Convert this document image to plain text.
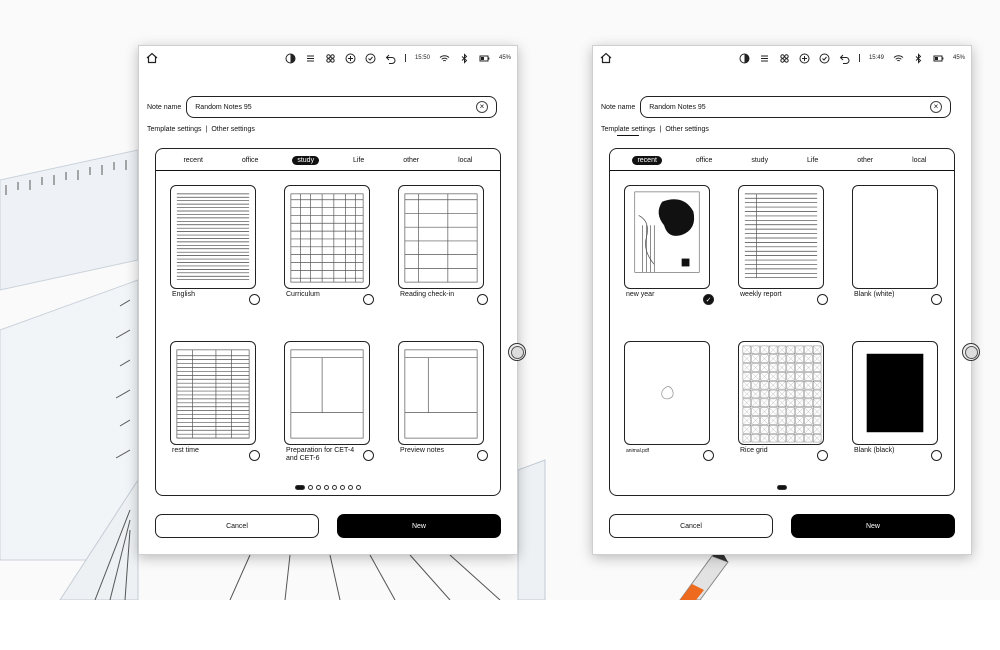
15:50	45%
Note name Random Notes 95	×
Template settings | Other settings
recent	office	study	Life	other	local
English	Curriculum	Reading check-in
rest time	Preparation for CET-4 and CET-6
Preview notes
Cancel	New
15:49	45%
Note name Random Notes 95	×
Template settings | Other settings
recent	office	study	Life	other	local
new year
✓
weekly report	Blank (white)
animal.pdf	Rice grid	Blank (black)
Cancel	New
